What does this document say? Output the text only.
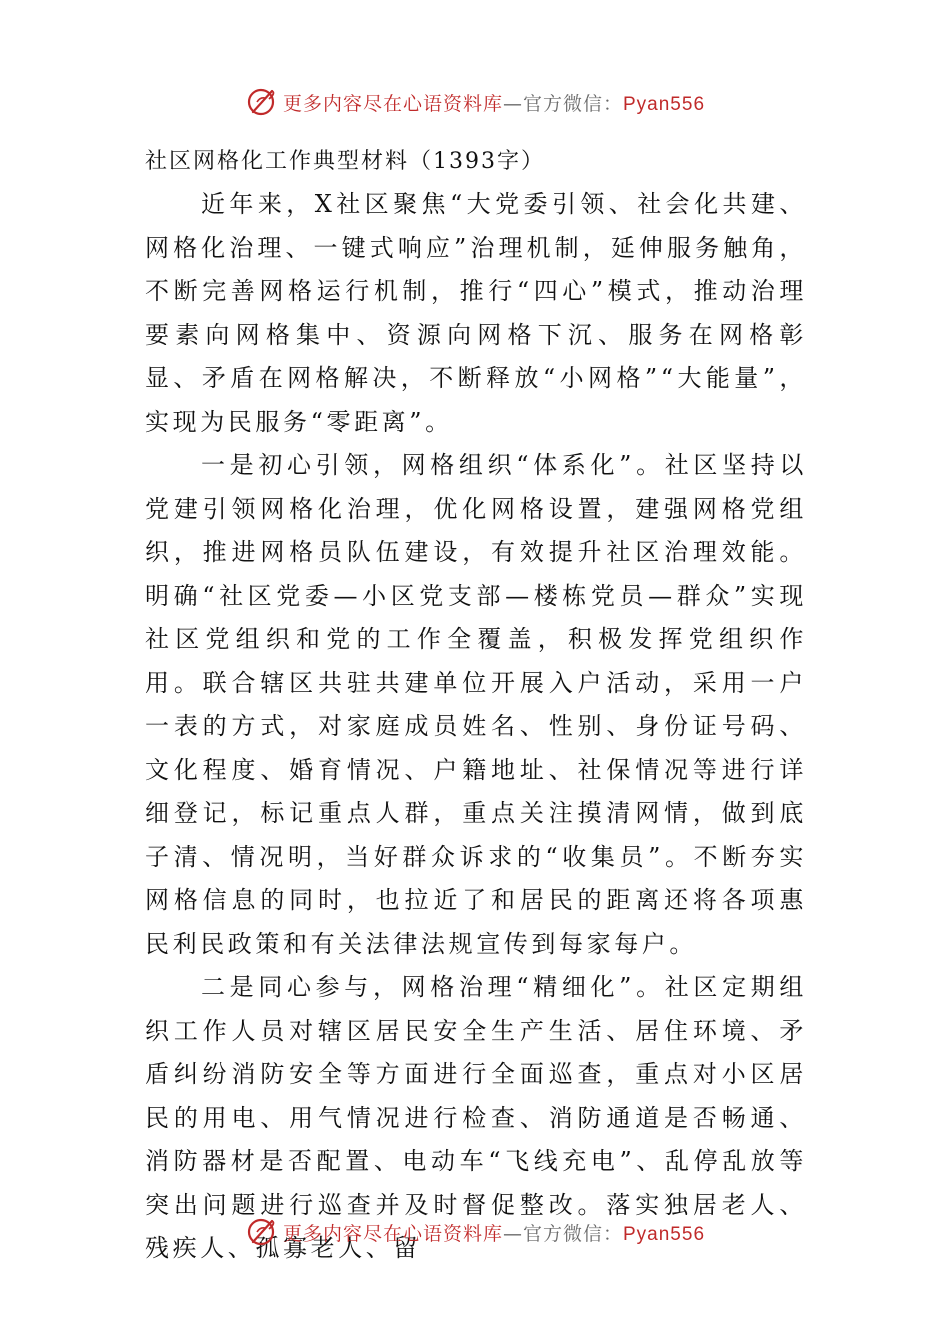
更多内容尽在心语资料库—官方微信：Pyan556
社区网格化工作典型材料（1393字）

近年来，X社区聚焦“大党委引领、社会化共建、网格化治理、一键式响应”治理机制，延伸服务触角，不断完善网格运行机制，推行“四心”模式，推动治理要素向网格集中、资源向网格下沉、服务在网格彰显、矛盾在网格解决，不断释放“小网格”“大能量”，实现为民服务“零距离”。

一是初心引领，网格组织“体系化”。社区坚持以党建引领网格化治理，优化网格设置，建强网格党组织，推进网格员队伍建设，有效提升社区治理效能。明确“社区党委—小区党支部—楼栋党员—群众”实现社区党组织和党的工作全覆盖，积极发挥党组织作用。联合辖区共驻共建单位开展入户活动，采用一户一表的方式，对家庭成员姓名、性别、身份证号码、文化程度、婚育情况、户籍地址、社保情况等进行详细登记，标记重点人群，重点关注摸清网情，做到底子清、情况明，当好群众诉求的“收集员”。不断夯实网格信息的同时，也拉近了和居民的距离还将各项惠民利民政策和有关法律法规宣传到每家每户。

二是同心参与，网格治理“精细化”。社区定期组织工作人员对辖区居民安全生产生活、居住环境、矛盾纠纷消防安全等方面进行全面巡查，重点对小区居民的用电、用气情况进行检查、消防通道是否畅通、消防器材是否配置、电动车“飞线充电”、乱停乱放等突出问题进行巡查并及时督促整改。落实独居老人、残疾人、孤寡老人、留

更多内容尽在心语资料库—官方微信：Pyan556
